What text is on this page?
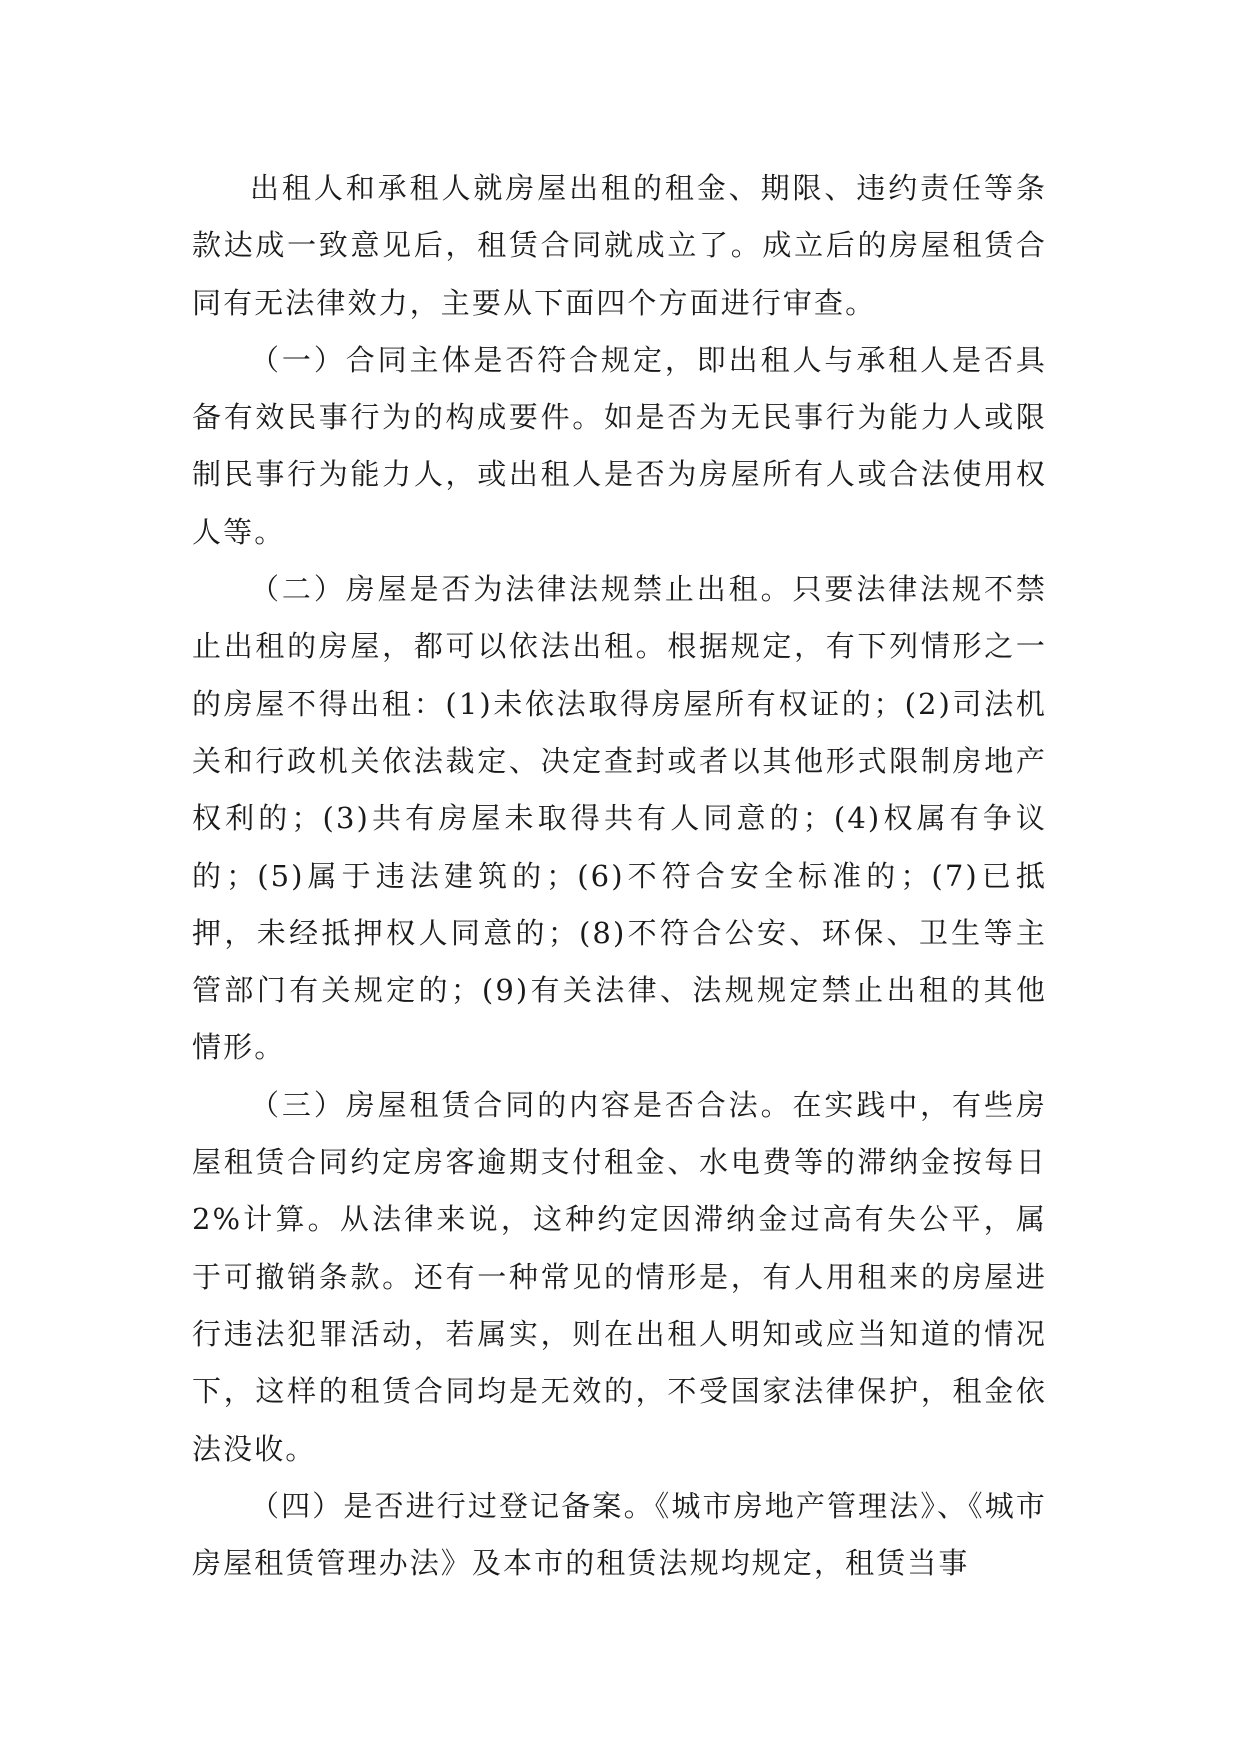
出租人和承租人就房屋出租的租金、期限、违约责任等条款达成一致意见后，租赁合同就成立了。成立后的房屋租赁合同有无法律效力，主要从下面四个方面进行审查。

（一）合同主体是否符合规定，即出租人与承租人是否具备有效民事行为的构成要件。如是否为无民事行为能力人或限制民事行为能力人，或出租人是否为房屋所有人或合法使用权人等。

（二）房屋是否为法律法规禁止出租。只要法律法规不禁止出租的房屋，都可以依法出租。根据规定，有下列情形之一的房屋不得出租：(1)未依法取得房屋所有权证的；(2)司法机关和行政机关依法裁定、决定查封或者以其他形式限制房地产权利的；(3)共有房屋未取得共有人同意的；(4)权属有争议的；(5)属于违法建筑的；(6)不符合安全标准的；(7)已抵押，未经抵押权人同意的；(8)不符合公安、环保、卫生等主管部门有关规定的；(9)有关法律、法规规定禁止出租的其他情形。

（三）房屋租赁合同的内容是否合法。在实践中，有些房屋租赁合同约定房客逾期支付租金、水电费等的滞纳金按每日2%计算。从法律来说，这种约定因滞纳金过高有失公平，属于可撤销条款。还有一种常见的情形是，有人用租来的房屋进行违法犯罪活动，若属实，则在出租人明知或应当知道的情况下，这样的租赁合同均是无效的，不受国家法律保护，租金依法没收。

（四）是否进行过登记备案。《城市房地产管理法》、《城市房屋租赁管理办法》及本市的租赁法规均规定，租赁当事
